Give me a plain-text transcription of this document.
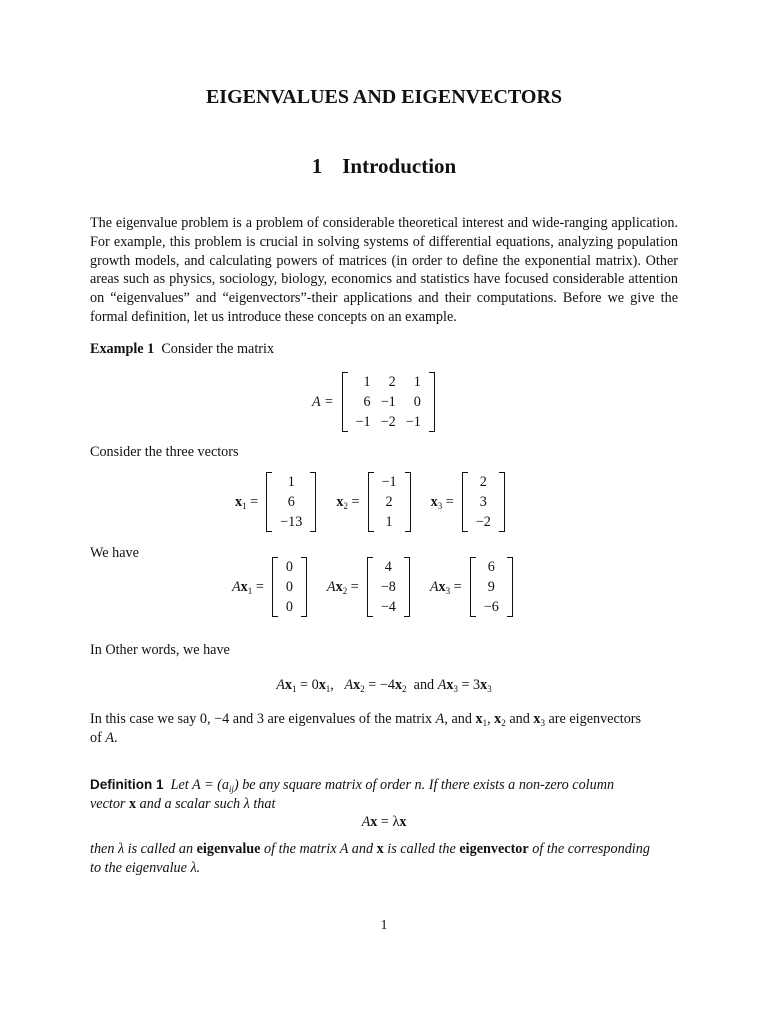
EIGENVALUES AND EIGENVECTORS
1 Introduction
The eigenvalue problem is a problem of considerable theoretical interest and wide-ranging application. For example, this problem is crucial in solving systems of differential equations, analyzing population growth models, and calculating powers of matrices (in order to define the exponential matrix). Other areas such as physics, sociology, biology, economics and statistics have focused considerable attention on “eigenvalues” and “eigenvectors”-their applications and their computations. Before we give the formal definition, let us introduce these concepts on an example.
Example 1 Consider the matrix
A =
1	2	1
6	−1	0
−1	−2	−1
Consider the three vectors
$x_1$ =
1
6
−13
$x_2$ =
−1
2
1
$x_3$ =
2
3
−2
We have
$Ax_1$ =
0
0
0
$Ax_2$ =
4
−8
−4
$Ax_3$ =
6
9
−6
In Other words, we have
$Ax_1 = 0x_1$,   $Ax_2 = -4x_2$  and $Ax_3 = 3x_3$
In this case we say 0, −4 and 3 are eigenvalues of the matrix A, and $x_1$, $x_2$ and $x_3$ are eigenvectors
of A.
Definition 1 Let $A = (a_{ij})$ be any square matrix of order n. If there exists a non-zero column
vector x and a scalar such λ that
Ax = λx
then λ is called an eigenvalue of the matrix A and x is called the eigenvector of the corresponding
to the eigenvalue λ.
1
